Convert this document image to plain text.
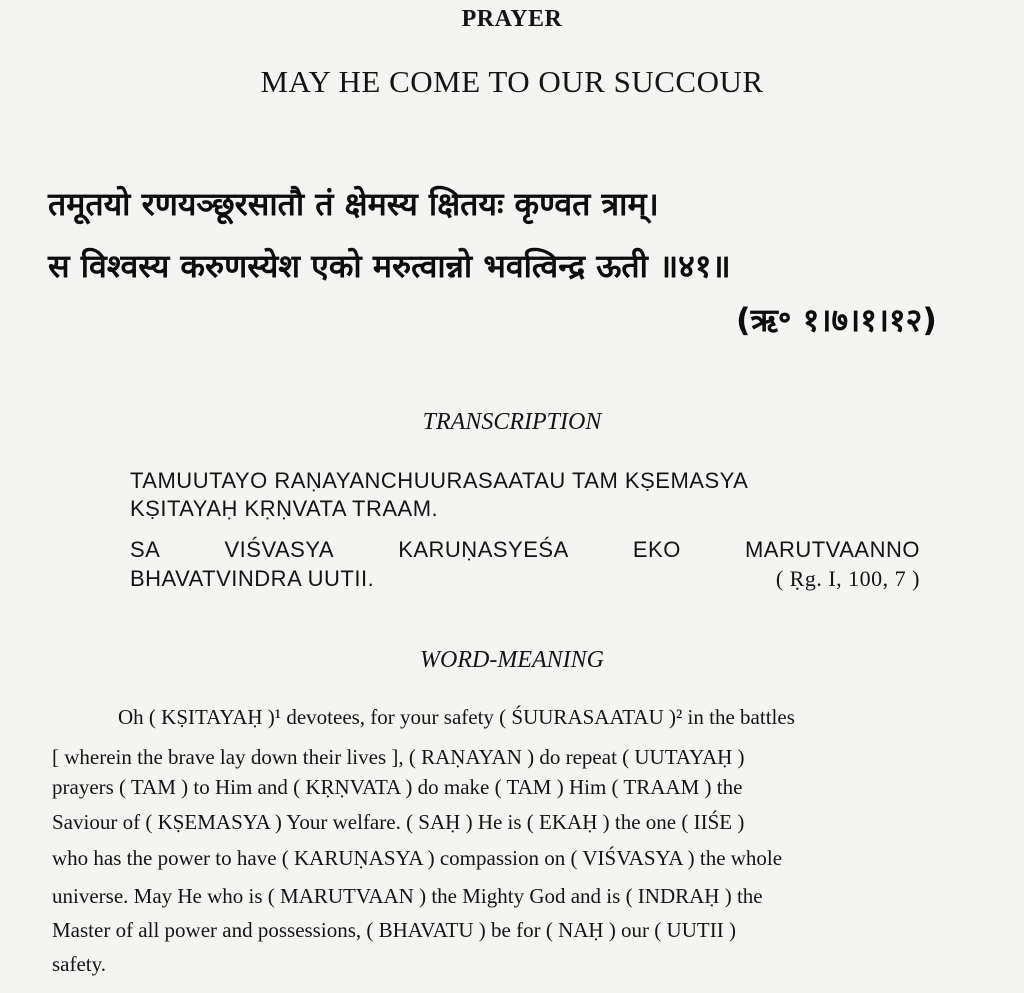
PRAYER
MAY HE COME TO OUR SUCCOUR
तमूतयो रणयञ्छूरसातौ तं क्षेमस्य क्षितयः कृण्वत त्राम्।
स विश्वस्य करुणस्येश एको मरुत्वान्नो भवत्विन्द्र ऊती ॥४१॥
(ऋ॰ १।७।१।१२)
TRANSCRIPTION
TAMUUTAYO RAṆAYANCHUURASAATAU TAM KṢEMASYA
KṢITAYAḤ KṚṆVATA TRAAM.
SA	VIŚVASYA	KARUṆASYEŚA	EKO	MARUTVAANNO
BHAVATVINDRA UUTII.	( Ṛg. I, 100, 7 )
WORD-MEANING
Oh ( KṢITAYAḤ )¹ devotees, for your safety ( ŚUURASAATAU )² in the battles
[ wherein the brave lay down their lives ], ( RAṆAYAN ) do repeat ( UUTAYAḤ )
prayers ( TAM ) to Him and ( KṚṆVATA ) do make ( TAM ) Him ( TRAAM ) the
Saviour of ( KṢEMASYA ) Your welfare. ( SAḤ ) He is ( EKAḤ ) the one ( IIŚE )
who has the power to have ( KARUṆASYA ) compassion on ( VIŚVASYA ) the whole
universe. May He who is ( MARUTVAAN ) the Mighty God and is ( INDRAḤ ) the
Master of all power and possessions, ( BHAVATU ) be for ( NAḤ ) our ( UUTII )
safety.
